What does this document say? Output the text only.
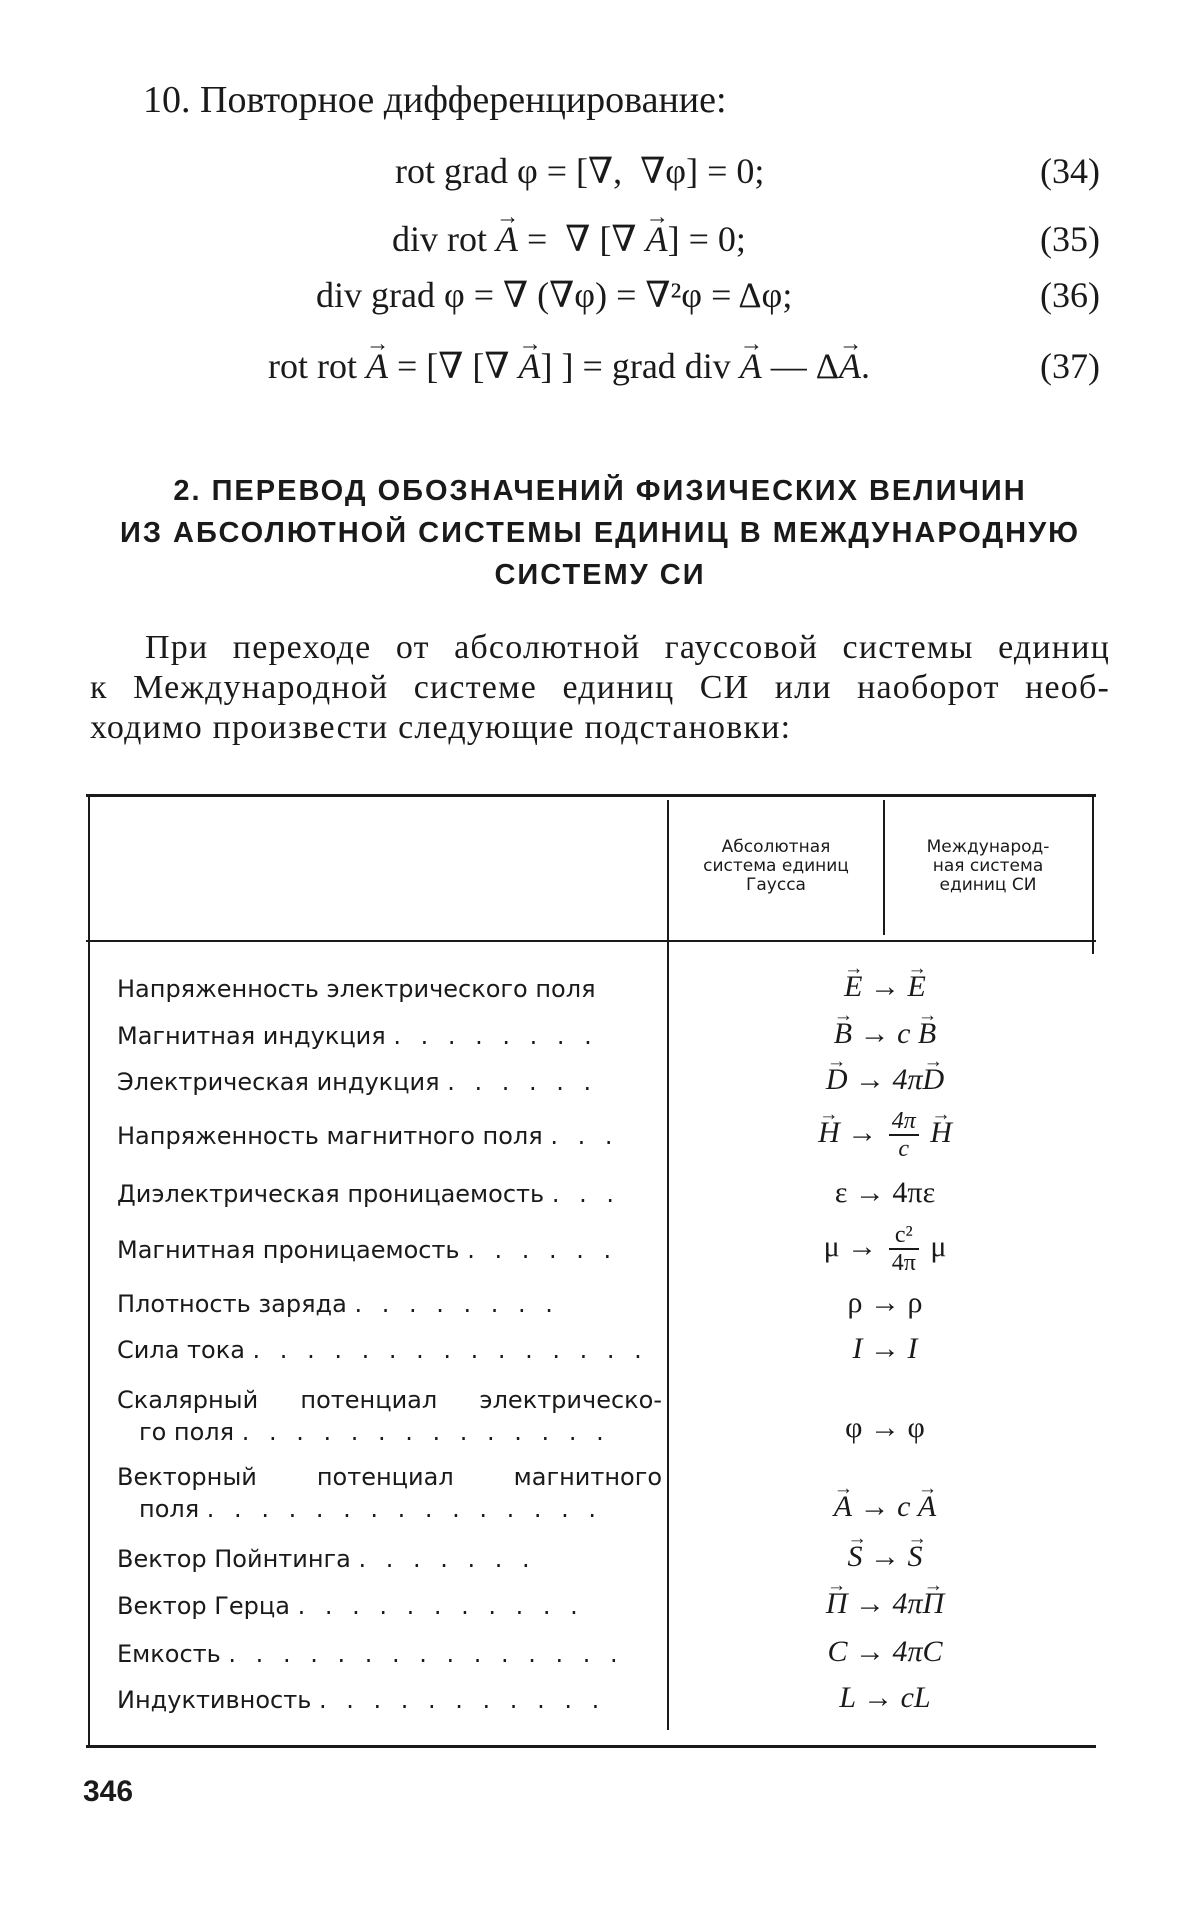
10. Повторное дифференцирование:
rot grad φ = [∇,  ∇φ] = 0;	(34)
div rot → A =  ∇ [∇ → A] = 0;	(35)
div grad φ = ∇ (∇φ) = ∇²φ = Δφ;	(36)
rot rot → A = [∇ [∇ → A] ] = grad div → A — Δ→ A.	(37)
2. ПЕРЕВОД ОБОЗНАЧЕНИЙ ФИЗИЧЕСКИХ ВЕЛИЧИН
ИЗ АБСОЛЮТНОЙ СИСТЕМЫ ЕДИНИЦ В МЕЖДУНАРОДНУЮ
СИСТЕМУ СИ
При переходе от абсолютной гауссовой системы единиц
к Международной системе единиц СИ или наоборот необ-
ходимо произвести следующие подстановки:
Абсолютная
система единиц
Гаусса
Международ-
ная система
единиц СИ
Напряженность электрического поля
Магнитная индукция . . . . . . . .
Электрическая индукция . . . . . .
Напряженность магнитного поля . . .
Диэлектрическая проницаемость . . .
Магнитная проницаемость . . . . . .
Плотность заряда . . . . . . . .
Сила тока . . . . . . . . . . . . . . .
Скалярный потенциал электрическо-
го поля . . . . . . . . . . . . . .
Векторный потенциал магнитного
поля . . . . . . . . . . . . . . .
Вектор Пойнтинга . . . . . . .
Вектор Герца . . . . . . . . . . .
Емкость . . . . . . . . . . . . . . .
Индуктивность . . . . . . . . . . .
→ E → → E
→ B → c → B
→ D → 4π→ D
→ $H \to \frac{4\pi}{c}$
→ H
ε → 4πε
$\mu \to \frac{\text{c²}}{4\pi}$ μ
ρ → ρ
I → I
φ → φ
→ A → c → A
→ S → → S
→ Π → 4π→ Π
C → 4πC
L → cL
346
